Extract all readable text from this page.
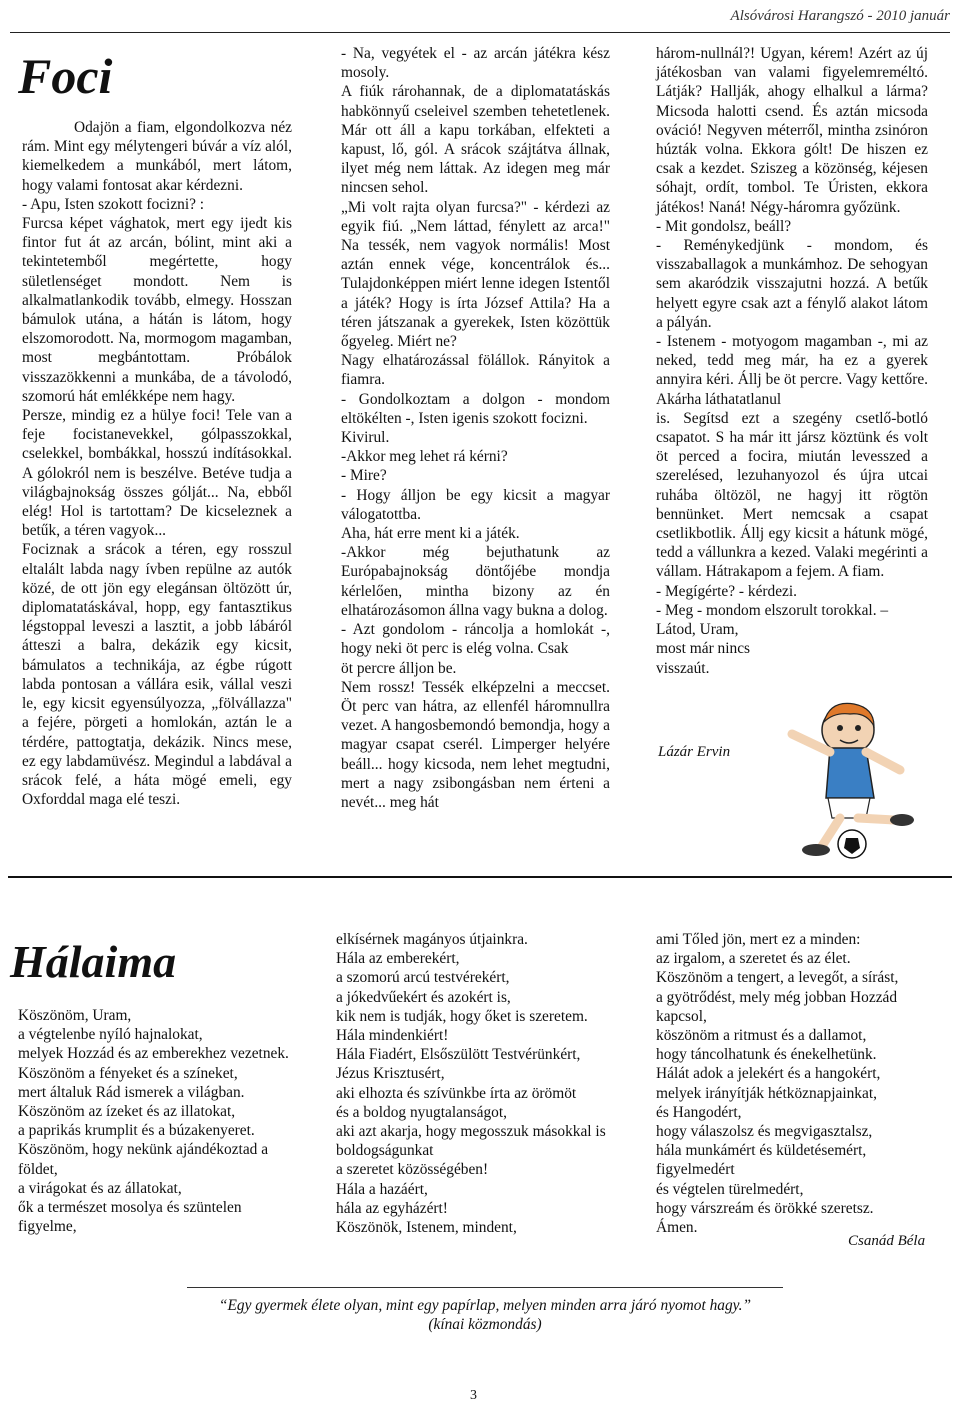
Alsóvárosi Harangszó - 2010 január
Foci

Odajön a fiam, elgondolkozva néz rám. Mint egy mélytengeri búvár a víz alól, kiemelkedem a munkából, mert látom, hogy valami fontosat akar kérdezni.

- Apu, Isten szokott focizni? :

Furcsa képet vághatok, mert egy ijedt kis fintor fut át az arcán, bólint, mint aki a tekintetemből megértette, hogy sületlenséget mondott. Nem is alkalmatlankodik tovább, elmegy. Hosszan bámulok utána, a hátán is látom, hogy elszomorodott. Na, mormogom magamban, most megbántottam. Próbálok visszazökkenni a munkába, de a távolodó, szomorú hát emlékképe nem hagy.

Persze, mindig ez a hülye foci! Tele van a feje focistanevekkel, gólpasszokkal, cselekkel, bombákkal, hosszú indításokkal. A gólokról nem is beszélve. Betéve tudja a világbajnokság összes gólját... Na, ebből elég! Hol is tartottam? De kicseleznek a betűk, a téren vagyok...

Fociznak a srácok a téren, egy rosszul eltalált labda nagy ívben repülne az autók közé, de ott jön egy elegánsan öltözött úr, diplomatatáskával, hopp, egy fantasztikus légstoppal leveszi a lasztit, a jobb lábáról átteszi a balra, dekázik egy kicsit, bámulatos a technikája, az égbe rúgott labda pontosan a vállára esik, vállal veszi le, egy kicsit egyensúlyozza, „fölvállazza" a fejére, pörgeti a homlokán, aztán le a térdére, pattogtatja, dekázik. Nincs mese, ez egy labdamüvész. Megindul a labdával a srácok felé, a háta mögé emeli, egy Oxforddal maga elé teszi.

- Na, vegyétek el - az arcán játékra kész mosoly.

A fiúk rárohannak, de a diplomatatáskás habkönnyű cseleivel szemben tehetetlenek. Már ott áll a kapu torkában, elfekteti a kapust, lő, gól. A srácok szájtátva állnak, ilyet még nem láttak. Az idegen meg már nincsen sehol.

„Mi volt rajta olyan furcsa?" - kérdezi az egyik fiú. „Nem láttad, fénylett az arca!" Na tessék, nem vagyok normális! Most aztán ennek vége, koncentrálok és... Tulajdonképpen miért lenne idegen Istentől a játék? Hogy is írta József Attila? Ha a téren játszanak a gyerekek, Isten közöttük őgyeleg. Miért ne?

Nagy elhatározással fölállok. Rányitok a fiamra.

- Gondolkoztam a dolgon - mondom eltökélten -, Isten igenis szokott focizni.

Kivirul.

-Akkor meg lehet rá kérni?

- Mire?

- Hogy álljon be egy kicsit a magyar válogatottba.

Aha, hát erre ment ki a játék.

-Akkor még bejuthatunk az Európabajnokság döntőjébe mondja kérlelően, mintha bizony az én elhatározásomon állna vagy bukna a dolog.

- Azt gondolom - ráncolja a homlokát -, hogy neki öt perc is elég volna. Csak

öt percre álljon be.

Nem rossz! Tessék elképzelni a meccset. Öt perc van hátra, az ellenfél háromnullra vezet. A hangosbemondó bemondja, hogy a magyar csapat cserél. Limperger helyére beáll... hogy kicsoda, nem lehet megtudni, mert a nagy zsibongásban nem érteni a nevét... meg hát

három-nullnál?! Ugyan, kérem! Azért az új játékosban van valami figyelemreméltó. Látják? Hallják, ahogy elhalkul a lárma? Micsoda halotti csend. És aztán micsoda ováció! Negyven méterről, mintha zsinóron húzták volna. Ekkora gólt! De hiszen ez csak a kezdet. Sziszeg a közönség, kéjesen sóhajt, ordít, tombol. Te Úristen, ekkora játékos! Naná! Négy-háromra győzünk.

- Mit gondolsz, beáll?

- Reménykedjünk - mondom, és visszaballagok a munkámhoz. De sehogyan sem akaródzik visszajutni hozzá. A betűk helyett egyre csak azt a fénylő alakot látom a pályán.

- Istenem - motyogom magamban -, mi az neked, tedd meg már, ha ez a gyerek annyira kéri. Állj be öt percre. Vagy kettőre. Akárha láthatatlanul

is. Segítsd ezt a szegény csetlő-botló csapatot. S ha már itt jársz köztünk és volt öt perced a focira, miután levesszed a szerelésed, lezuhanyozol és újra utcai ruhába öltözöl, ne hagyj itt rögtön bennünket. Mert nemcsak a csapat csetlikbotlik. Állj egy kicsit a hátunk mögé, tedd a vállunkra a kezed. Valaki megérinti a vállam. Hátrakapom a fejem. A fiam.

- Megígérte? - kérdezi.

- Meg - mondom elszorult torokkal. –

Látod, Uram,

most már nincs

visszaút.

Lázár Ervin
Hálaima

Köszönöm, Uram,

a végtelenbe nyíló hajnalokat,

melyek Hozzád és az emberekhez vezetnek.

Köszönöm a fényeket és a színeket,

mert általuk Rád ismerek a világban.

Köszönöm az ízeket és az illatokat,

a paprikás krumplit és a búzakenyeret.

Köszönöm, hogy nekünk ajándékoztad a földet,

a virágokat és az állatokat,

ők a természet mosolya és szüntelen figyelme,

elkísérnek magányos útjainkra.

Hála az emberekért,

a szomorú arcú testvérekért,

a jókedvűekért és azokért is,

kik nem is tudják, hogy őket is szeretem.

Hála mindenkiért!

Hála Fiadért, Elsőszülött Testvérünkért,

Jézus Krisztusért,

aki elhozta és szívünkbe írta az örömöt

és a boldog nyugtalanságot,

aki azt akarja, hogy megosszuk másokkal is

boldogságunkat

a szeretet közösségében!

Hála a hazáért,

hála az egyházért!

Köszönök, Istenem, mindent,

ami Tőled jön, mert ez a minden:

az irgalom, a szeretet és az élet.

Köszönöm a tengert, a levegőt, a sírást,

a gyötrődést, mely még jobban Hozzád kapcsol,

köszönöm a ritmust és a dallamot,

hogy táncolhatunk és énekelhetünk.

Hálát adok a jelekért és a hangokért,

melyek irányítják hétköznapjainkat,

és Hangodért,

hogy válaszolsz és megvigasztalsz,

hála munkámért és küldetésemért,

figyelmedért

és végtelen türelmedért,

hogy várszreám és örökké szeretsz.

Ámen.

Csanád Béla
“Egy gyermek élete olyan, mint egy papírlap, melyen minden arra járó nyomot hagy.”
(kínai közmondás)
3
